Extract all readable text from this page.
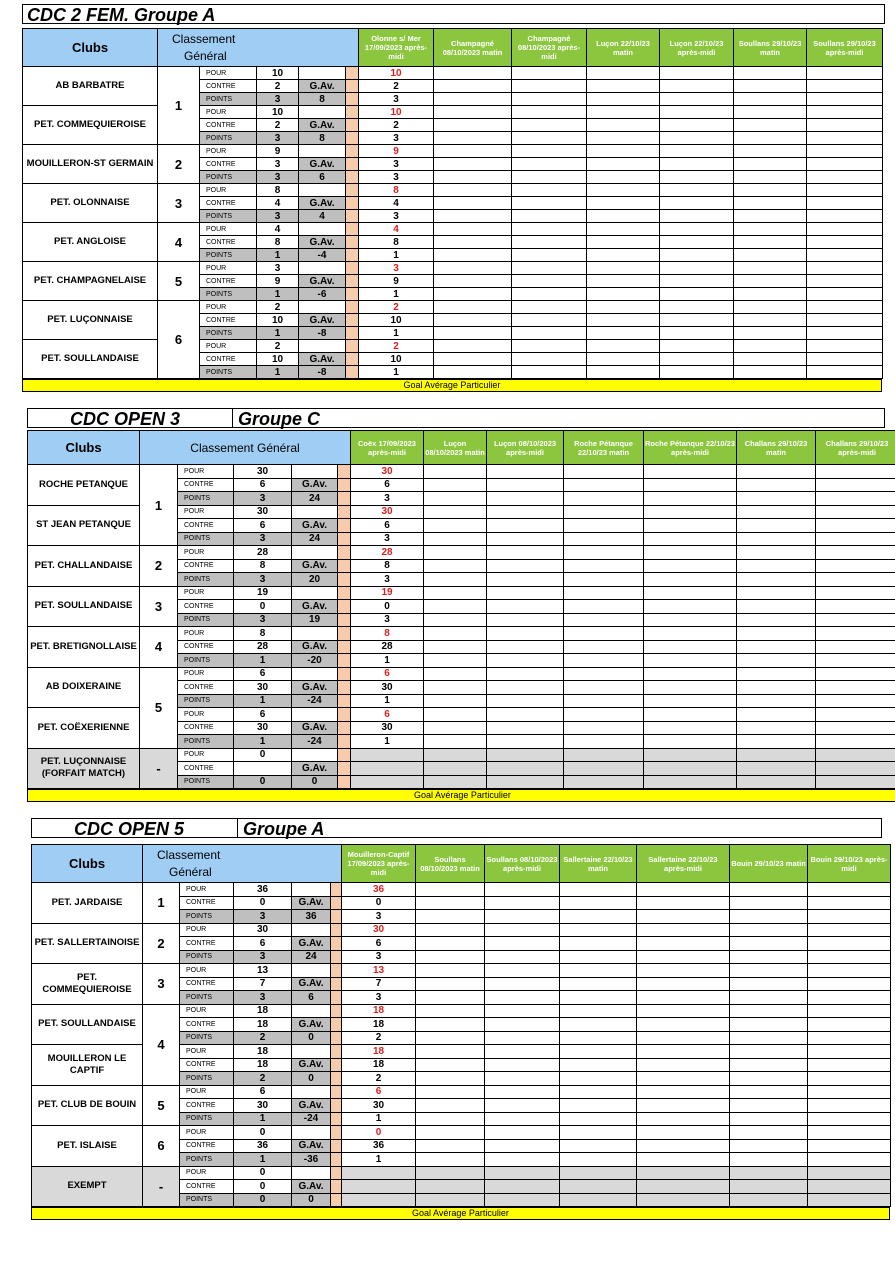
CDC 2 FEM. Groupe A
Clubs	Classement
Général					Olonne s/ Mer 17/09/2023 après-midi	Champagné 08/10/2023 matin	Champagné 08/10/2023 après-midi	Luçon 22/10/23 matin	Luçon 22/10/23 après-midi	Soullans 29/10/23 matin	Soullans 29/10/23 après-midi
AB BARBATRE	1	POUR	10			10						
		CONTRE	2	G.Av.		2						
		POINTS	3	8		3						
PET. COMMEQUIEROISE		POUR	10			10						
		CONTRE	2	G.Av.		2						
		POINTS	3	8		3						
MOUILLERON-ST GERMAIN	2	POUR	9			9						
		CONTRE	3	G.Av.		3						
		POINTS	3	6		3						
PET. OLONNAISE	3	POUR	8			8						
		CONTRE	4	G.Av.		4						
		POINTS	3	4		3						
PET. ANGLOISE	4	POUR	4			4						
		CONTRE	8	G.Av.		8						
		POINTS	1	-4		1						
PET. CHAMPAGNELAISE	5	POUR	3			3						
		CONTRE	9	G.Av.		9						
		POINTS	1	-6		1						
PET. LUÇONNAISE	6	POUR	2			2						
		CONTRE	10	G.Av.		10						
		POINTS	1	-8		1						
PET. SOULLANDAISE		POUR	2			2						
		CONTRE	10	G.Av.		10						
		POINTS	1	-8		1						
Goal Avérage Particulier
CDC OPEN 3	Groupe C
Clubs	Classement Général					Coëx 17/09/2023 après-midi	Luçon 08/10/2023 matin	Luçon 08/10/2023 après-midi	Roche Pétanque 22/10/23 matin	Roche Pétanque 22/10/23 après-midi	Challans 29/10/23 matin	Challans 29/10/23 après-midi
ROCHE PETANQUE	1	POUR	30			30						
		CONTRE	6	G.Av.		6						
		POINTS	3	24		3						
ST JEAN PETANQUE		POUR	30			30						
		CONTRE	6	G.Av.		6						
		POINTS	3	24		3						
PET. CHALLANDAISE	2	POUR	28			28						
		CONTRE	8	G.Av.		8						
		POINTS	3	20		3						
PET. SOULLANDAISE	3	POUR	19			19						
		CONTRE	0	G.Av.		0						
		POINTS	3	19		3						
PET. BRETIGNOLLAISE	4	POUR	8			8						
		CONTRE	28	G.Av.		28						
		POINTS	1	-20		1						
AB DOIXERAINE	5	POUR	6			6						
		CONTRE	30	G.Av.		30						
		POINTS	1	-24		1						
PET. COËXERIENNE		POUR	6			6						
		CONTRE	30	G.Av.		30						
		POINTS	1	-24		1						
PET. LUÇONNAISE (FORFAIT MATCH)	-	POUR	0									
		CONTRE		G.Av.								
		POINTS	0	0								
Goal Avérage Particulier
CDC OPEN 5	Groupe A
Clubs	Classement
Général					Mouilleron-Captif 17/09/2023 après-midi	Soullans 08/10/2023 matin	Soullans 08/10/2023 après-midi	Sallertaine 22/10/23 matin	Sallertaine 22/10/23 après-midi	Bouin 29/10/23 matin	Bouin 29/10/23 après-midi
PET. JARDAISE	1	POUR	36			36						
		CONTRE	0	G.Av.		0						
		POINTS	3	36		3						
PET. SALLERTAINOISE	2	POUR	30			30						
		CONTRE	6	G.Av.		6						
		POINTS	3	24		3						
PET. COMMEQUIEROISE	3	POUR	13			13						
		CONTRE	7	G.Av.		7						
		POINTS	3	6		3						
PET. SOULLANDAISE	4	POUR	18			18						
		CONTRE	18	G.Av.		18						
		POINTS	2	0		2						
MOUILLERON LE CAPTIF		POUR	18			18						
		CONTRE	18	G.Av.		18						
		POINTS	2	0		2						
PET. CLUB DE BOUIN	5	POUR	6			6						
		CONTRE	30	G.Av.		30						
		POINTS	1	-24		1						
PET. ISLAISE	6	POUR	0			0						
		CONTRE	36	G.Av.		36						
		POINTS	1	-36		1						
EXEMPT	-	POUR	0									
		CONTRE	0	G.Av.								
		POINTS	0	0								
Goal Avérage Particulier
